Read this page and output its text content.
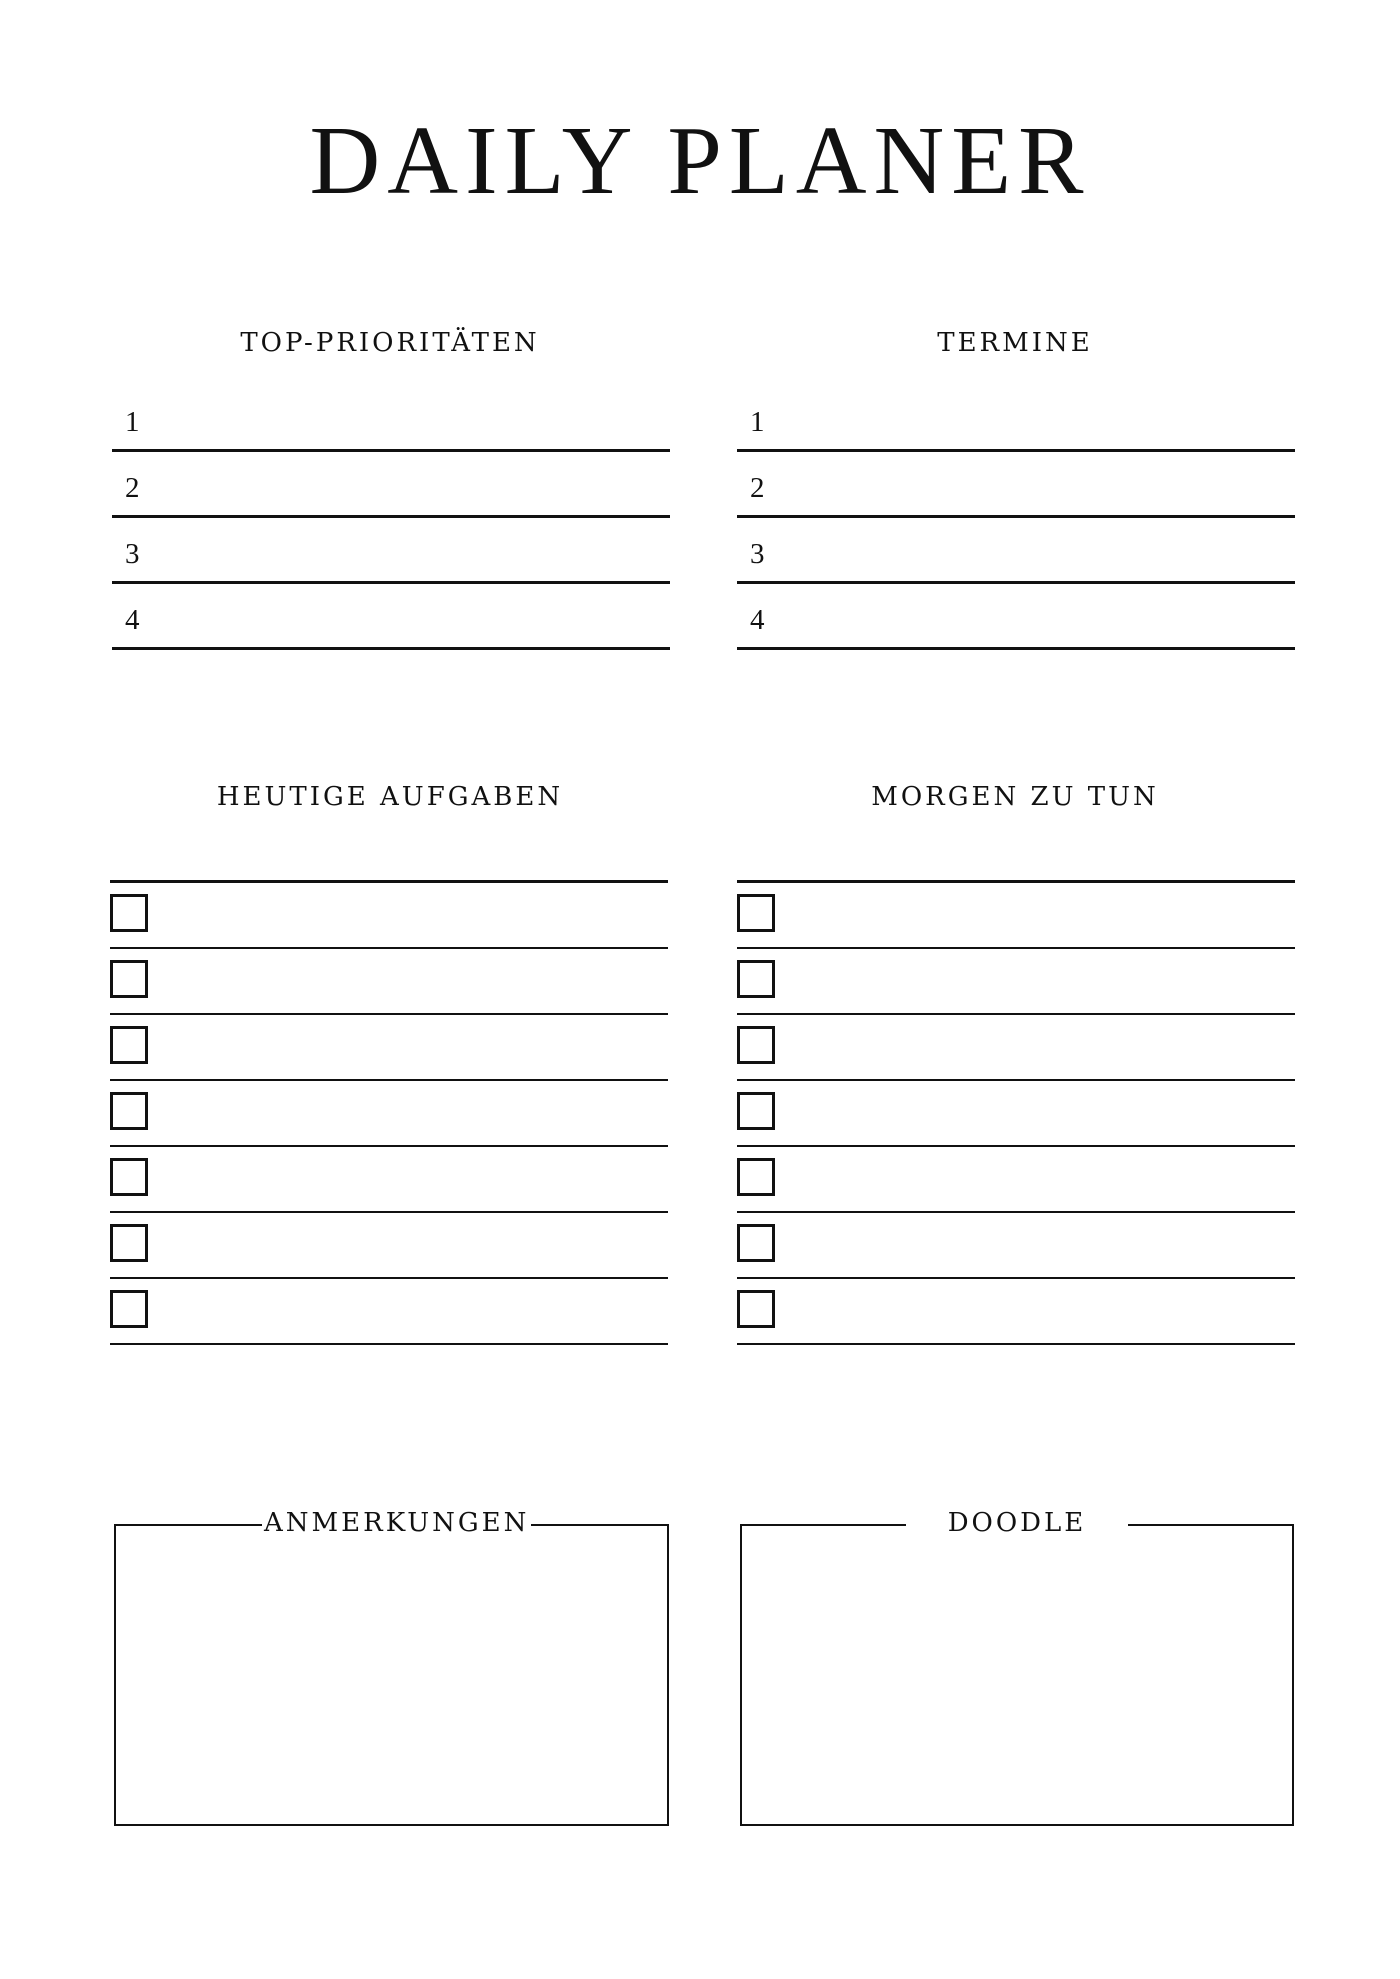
DAILY PLANER
TOP-PRIORITÄTEN	TERMINE
1
2
3
4
1
2
3
4
HEUTIGE AUFGABEN	MORGEN ZU TUN
ANMERKUNGEN	DOODLE
